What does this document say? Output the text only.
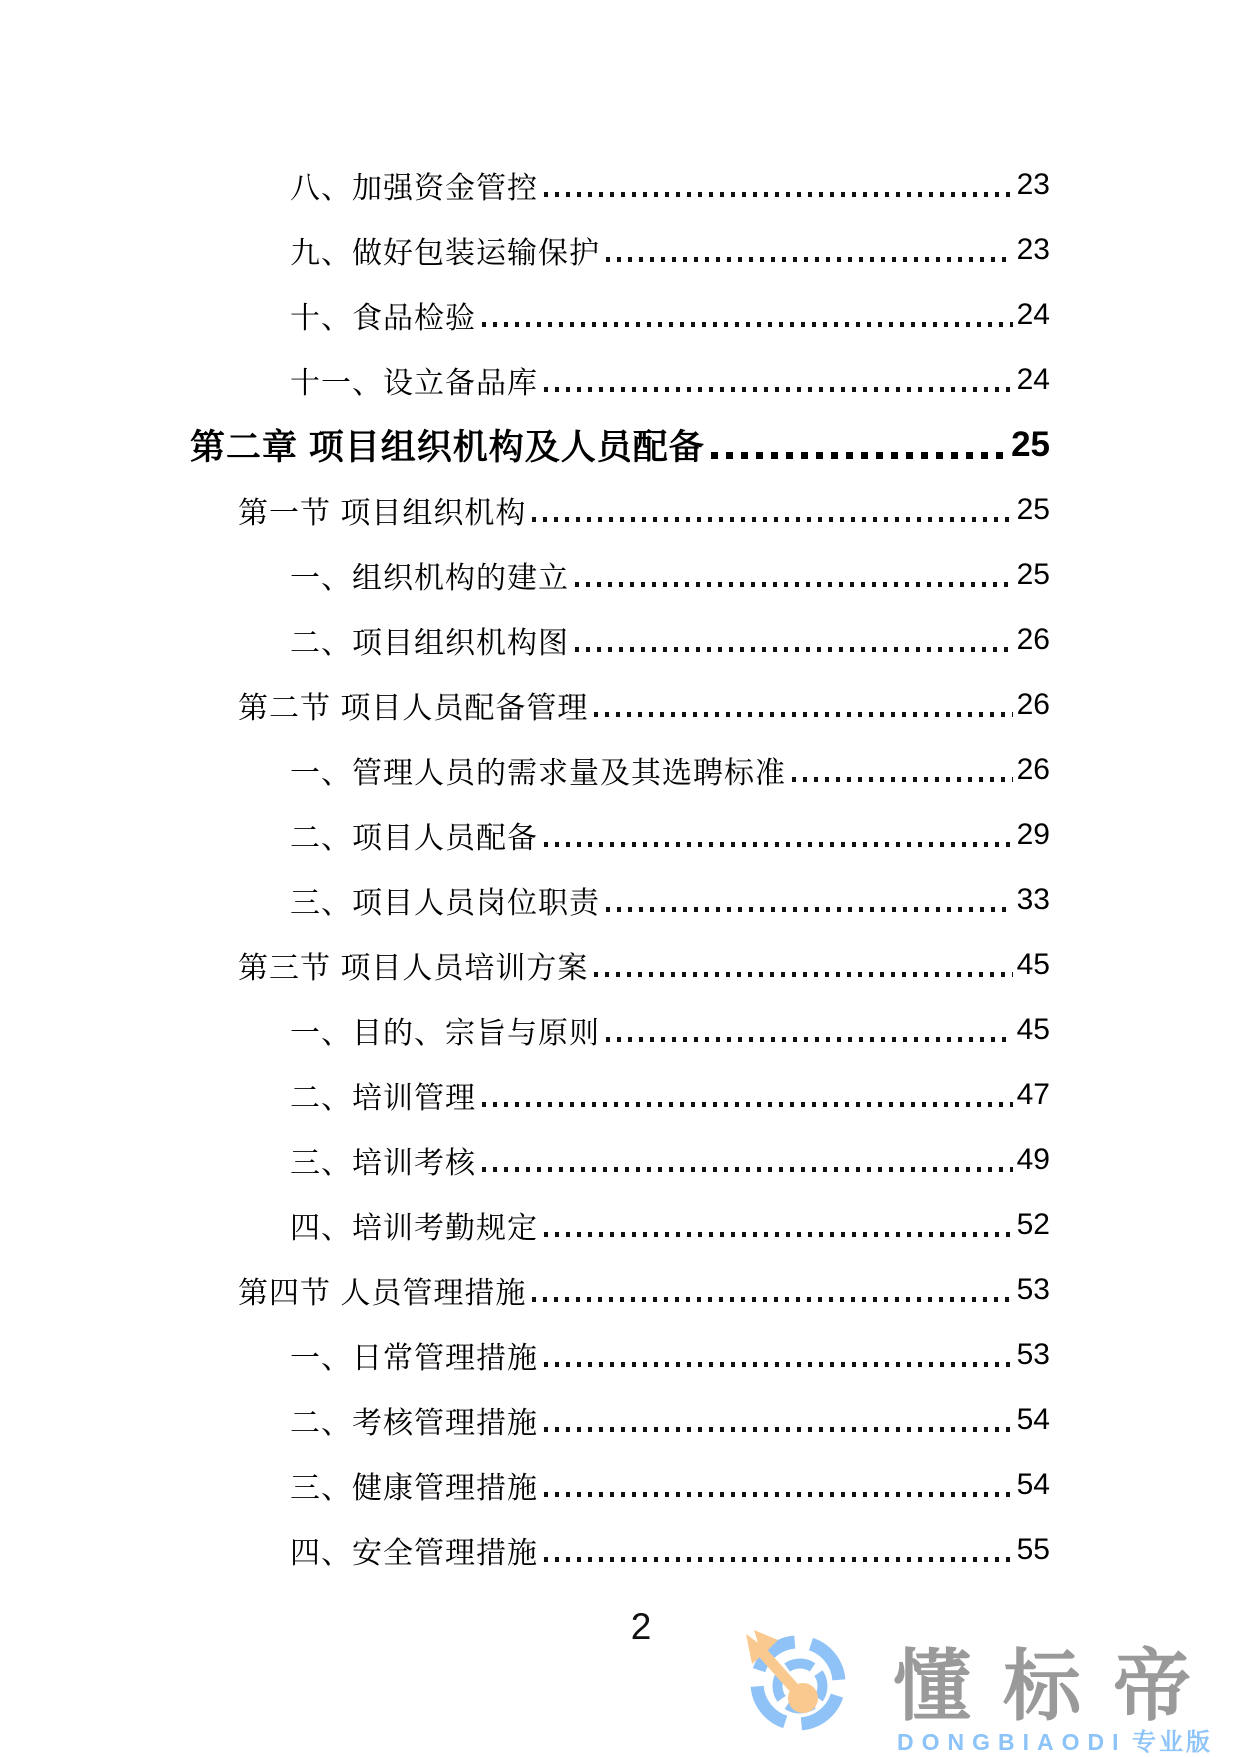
八、加强资金管控	23
九、做好包装运输保护	23
十、食品检验	24
十一、设立备品库	24
第二章 项目组织机构及人员配备	25
第一节 项目组织机构	25
一、组织机构的建立	25
二、项目组织机构图	26
第二节 项目人员配备管理	26
一、管理人员的需求量及其选聘标准	26
二、项目人员配备	29
三、项目人员岗位职责	33
第三节 项目人员培训方案	45
一、目的、宗旨与原则	45
二、培训管理	47
三、培训考核	49
四、培训考勤规定	52
第四节 人员管理措施	53
一、日常管理措施	53
二、考核管理措施	54
三、健康管理措施	54
四、安全管理措施	55
2
懂标帝
DONGBIAODI 专业版
